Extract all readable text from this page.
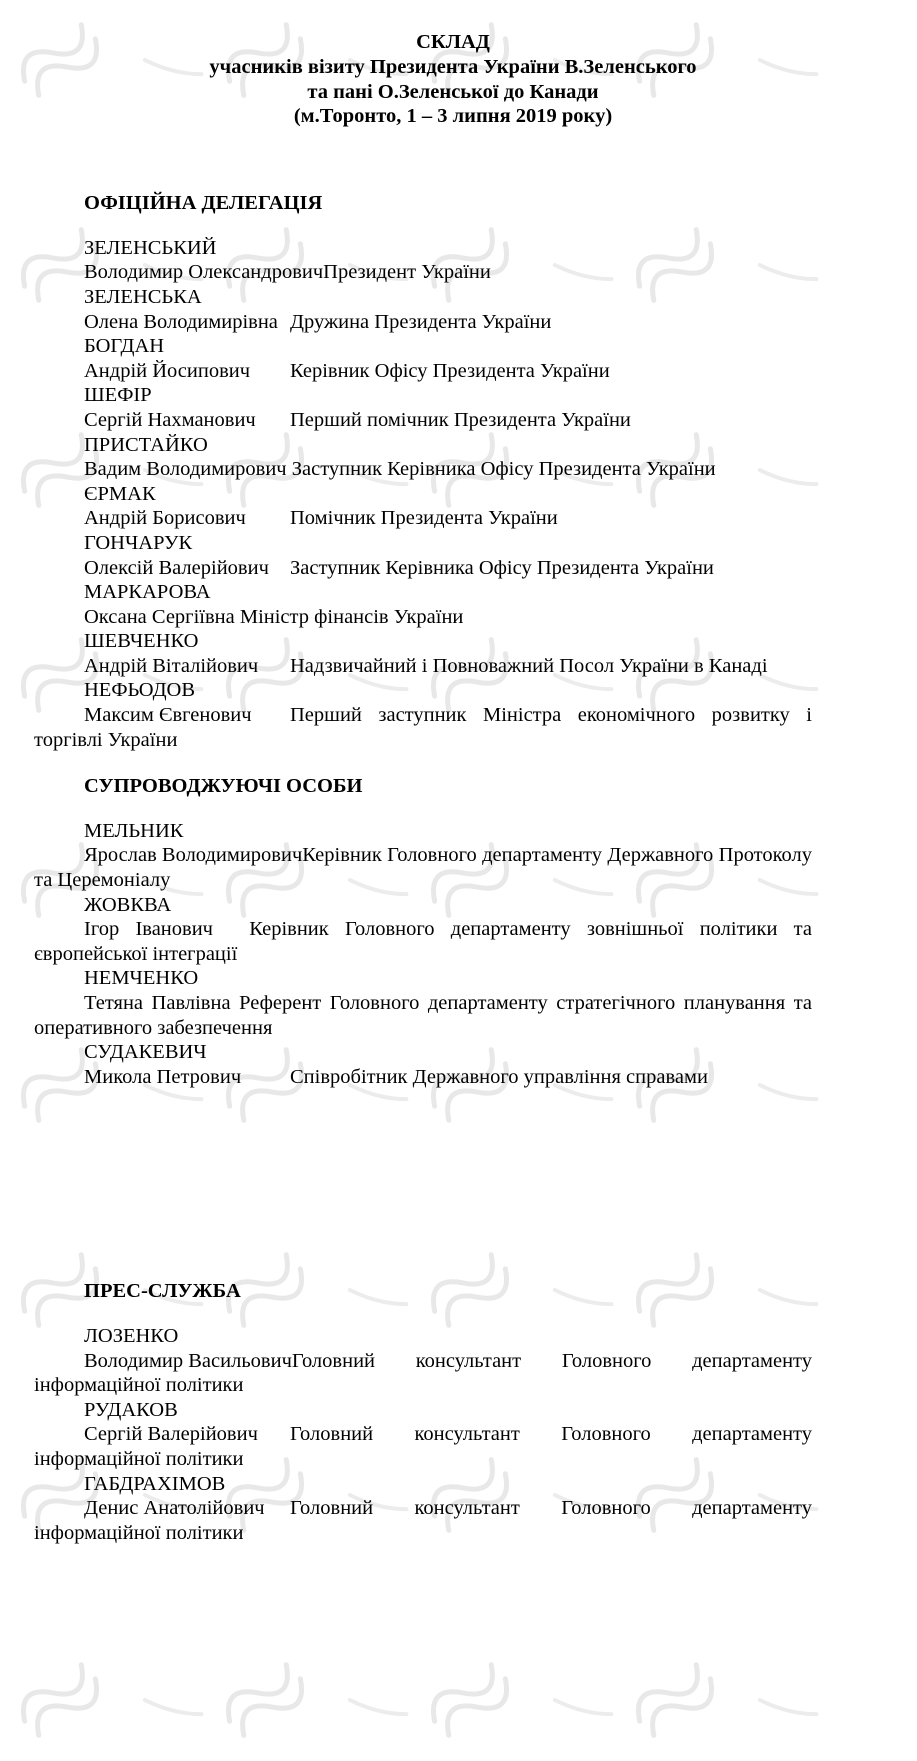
СКЛАД
учасників візиту Президента України В.Зеленського
та пані О.Зеленської до Канади
(м.Торонто, 1 – 3 липня 2019 року)
ОФІЦІЙНА ДЕЛЕГАЦІЯ
ЗЕЛЕНСЬКИЙ
Володимир ОлександровичПрезидент України
ЗЕЛЕНСЬКА
Олена Володимирівна Дружина Президента України
БОГДАН
Андрій Йосипович Керівник Офісу Президента України
ШЕФІР
Сергій Нахманович Перший помічник Президента України
ПРИСТАЙКО
Вадим Володимирович Заступник Керівника Офісу Президента України
ЄРМАК
Андрій Борисович Помічник Президента України
ГОНЧАРУК
Олексій Валерійович Заступник Керівника Офісу Президента України
МАРКАРОВА
Оксана Сергіївна Міністр фінансів України
ШЕВЧЕНКО
Андрій Віталійович Надзвичайний і Повноважний Посол України в Канаді
НЕФЬОДОВ
Максим Євгенович Перший заступник Міністра економічного розвитку і торгівлі України
СУПРОВОДЖУЮЧІ ОСОБИ
МЕЛЬНИК
Ярослав ВолодимировичКерівник Головного департаменту Державного Протоколу та Церемоніалу
ЖОВКВА
Ігор Іванович Керівник Головного департаменту зовнішньої політики та європейської інтеграції
НЕМЧЕНКО
Тетяна Павлівна Референт Головного департаменту стратегічного планування та оперативного забезпечення
СУДАКЕВИЧ
Микола Петрович Співробітник Державного управління справами
ПРЕС-СЛУЖБА
ЛОЗЕНКО
Володимир ВасильовичГоловний консультант Головного департаменту інформаційної політики
РУДАКОВ
Сергій Валерійович Головний консультант Головного департаменту інформаційної політики
ГАБДРАХІМОВ
Денис Анатолійович Головний консультант Головного департаменту інформаційної політики
